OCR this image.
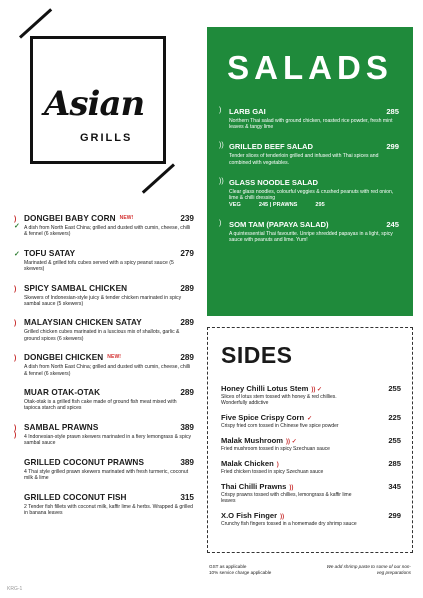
Asian
GRILLS
)
✓
DONGBEI BABY CORN $^{NEW!}$	239
A dish from North East China; grilled and dusted with cumin, cheese, chilli & fennel (6 skewers)
✓ TOFU SATAY	279
Marinated & grilled tofu cubes served with a spicy peanut sauce (5 skewers)
) SPICY SAMBAL CHICKEN	289
Skewers of Indonesian-style juicy & tender chicken marinated in spicy sambal sauce (5 skewers)
) MALAYSIAN CHICKEN SATAY	289
Grilled chicken cubes marinated in a luscious mix of shallots, garlic & ground spices (6 skewers)
) DONGBEI CHICKEN $^{NEW!}$	289
A dish from North East China; grilled and dusted with cumin, cheese, chilli & fennel (6 skewers)
MUAR OTAK-OTAK	289
Otak-otak is a grilled fish cake made of ground fish meat mixed with tapioca starch and spices
)
)
SAMBAL PRAWNS	389
4 Indonesian-style prawn skewers marinated in a fiery lemongrass & spicy sambal sauce
GRILLED COCONUT PRAWNS	389
4 Thai style grilled prawn skewers marinated with fresh turmeric, coconut milk & lime
GRILLED COCONUT FISH	315
2 Tender fish fillets with coconut milk, kaffir lime & herbs. Wrapped & grilled in banana leaves
SALADS
) LARB GAI	285
Northern Thai salad with ground chicken, roasted rice powder, fresh mint leaves & tangy lime
)) GRILLED BEEF SALAD	299
Tender slices of tenderloin grilled and infused with Thai spices and combined with vegetables.
)) GLASS NOODLE SALAD
Clear glass noodles, colourful veggies & crushed peanuts with red onion, lime & chilli dressing
VEG	245 | PRAWNS	295
) SOM TAM (PAPAYA SALAD)	245
A quintessential Thai favourite. Unripe shredded papayas in a light, spicy sauce with peanuts and lime. Yum!
SIDES
Honey Chilli Lotus Stem )) ✓	255
Slices of lotus stem tossed with honey & red chillies. Wonderfully addictive
Five Spice Crispy Corn ✓	225
Crispy fried corn tossed in Chinese five spice powder
Malak Mushroom )) ✓	255
Fried mushroom tossed in spicy Szechuan sauce
Malak Chicken )	285
Fried chicken tossed in spicy Szechuan sauce
Thai Chilli Prawns ))	345
Crispy prawns tossed with chillies, lemongrass & kaffir lime leaves
X.O Fish Finger ))	299
Crunchy fish fingers tossed in a homemade dry shrimp sauce
GST as applicable
10% service charge applicable
We add shrimp paste to some of our non-veg preparations
KRG-1
